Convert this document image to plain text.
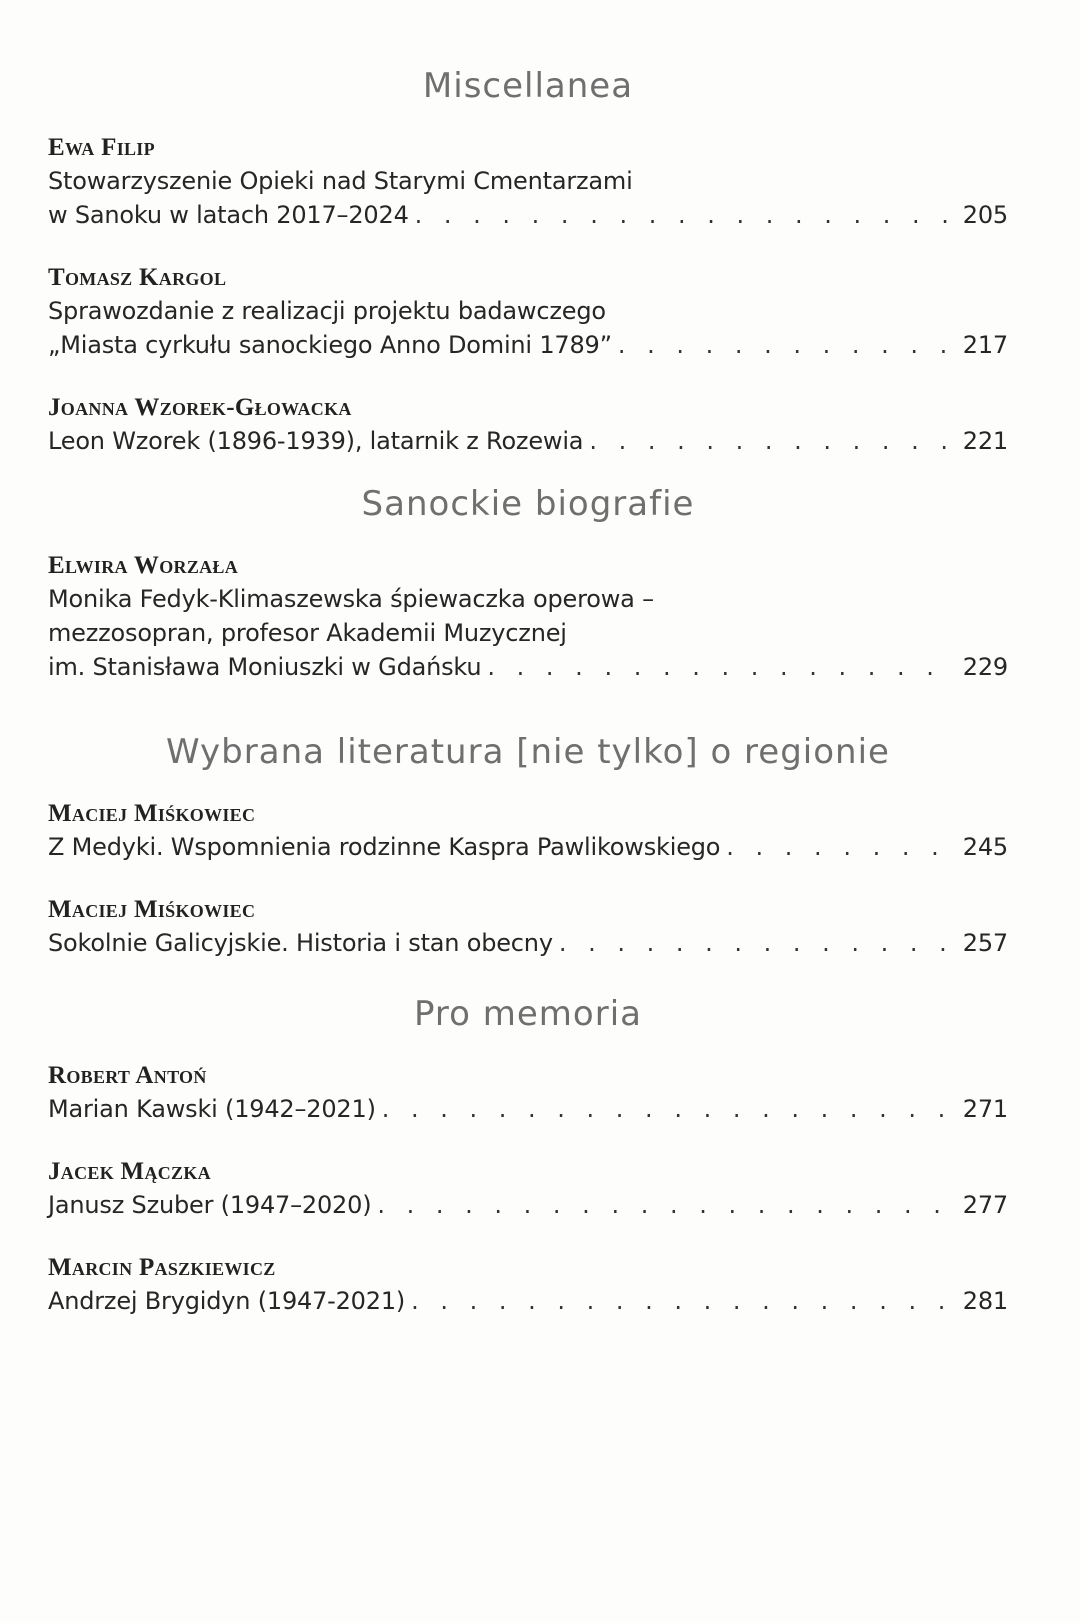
Miscellanea
Ewa Filip
Stowarzyszenie Opieki nad Starymi Cmentarzami
w Sanoku w latach 2017–2024 . . .	205
Tomasz Kargol
Sprawozdanie z realizacji projektu badawczego
„Miasta cyrkułu sanockiego Anno Domini 1789” . . .	217
Joanna Wzorek-Głowacka
Leon Wzorek (1896-1939), latarnik z Rozewia . . .	221
Sanockie biografie
Elwira Worzała
Monika Fedyk-Klimaszewska śpiewaczka operowa –
mezzosopran, profesor Akademii Muzycznej
im. Stanisława Moniuszki w Gdańsku . . .	229
Wybrana literatura [nie tylko] o regionie
Maciej Miśkowiec
Z Medyki. Wspomnienia rodzinne Kaspra Pawlikowskiego . . .	245
Maciej Miśkowiec
Sokolnie Galicyjskie. Historia i stan obecny . . .	257
Pro memoria
Robert Antoń
Marian Kawski (1942–2021) . . .	271
Jacek Mączka
Janusz Szuber (1947–2020) . . .	277
Marcin Paszkiewicz
Andrzej Brygidyn (1947-2021) . . .	281
